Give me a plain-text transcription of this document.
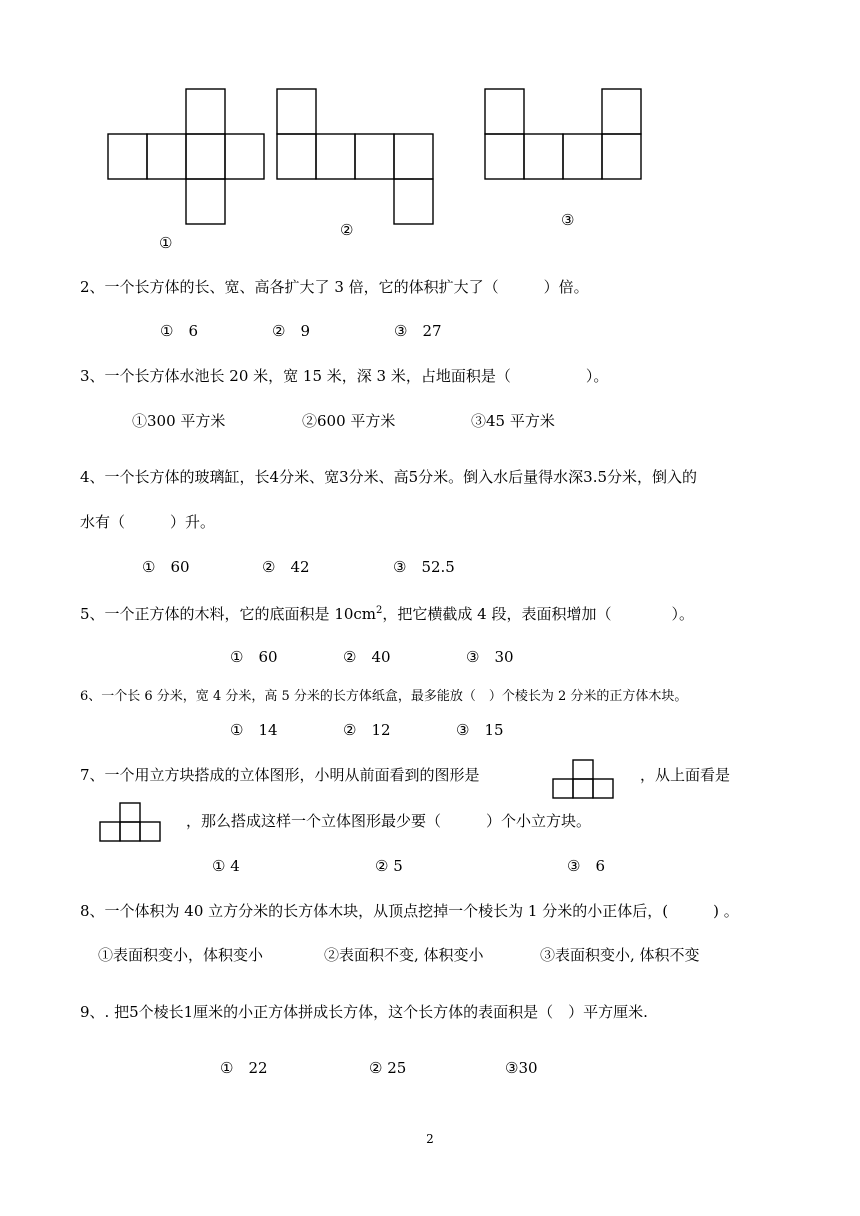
①
②
③
2、一个长方体的长、宽、高各扩大了 3 倍，它的体积扩大了（　　　）倍。
①　6	②　9	③　27
3、一个长方体水池长 20 米，宽 15 米，深 3 米，占地面积是（　　　　　）。
①300 平方米	②600 平方米	③45 平方米
4、一个长方体的玻璃缸，长4分米、宽3分米、高5分米。倒入水后量得水深3.5分米，倒入的
水有（　　　）升。
①　60	②　42	③　52.5
5、一个正方体的木料，它的底面积是 $10cm^2$，把它横截成 4 段，表面积增加（　　　　）。
①　60	②　40	③　30
6、一个长 6 分米，宽 4 分米，高 5 分米的长方体纸盒，最多能放（　）个棱长为 2 分米的正方体木块。
①　14	②　12	③　15
7、一个用立方块搭成的立体图形，小明从前面看到的图形是	，从上面看是
，那么搭成这样一个立体图形最少要（　　　）个小立方块。
① 4	② 5	③　6
8、一个体积为 40 立方分米的长方体木块，从顶点挖掉一个棱长为 1 分米的小正体后，(　　　) 。
①表面积变小，体积变小	②表面积不变, 体积变小	③表面积变小, 体积不变
9、. 把5个棱长1厘米的小正方体拼成长方体，这个长方体的表面积是（　）平方厘米.
①　22	② 25	③30
2
